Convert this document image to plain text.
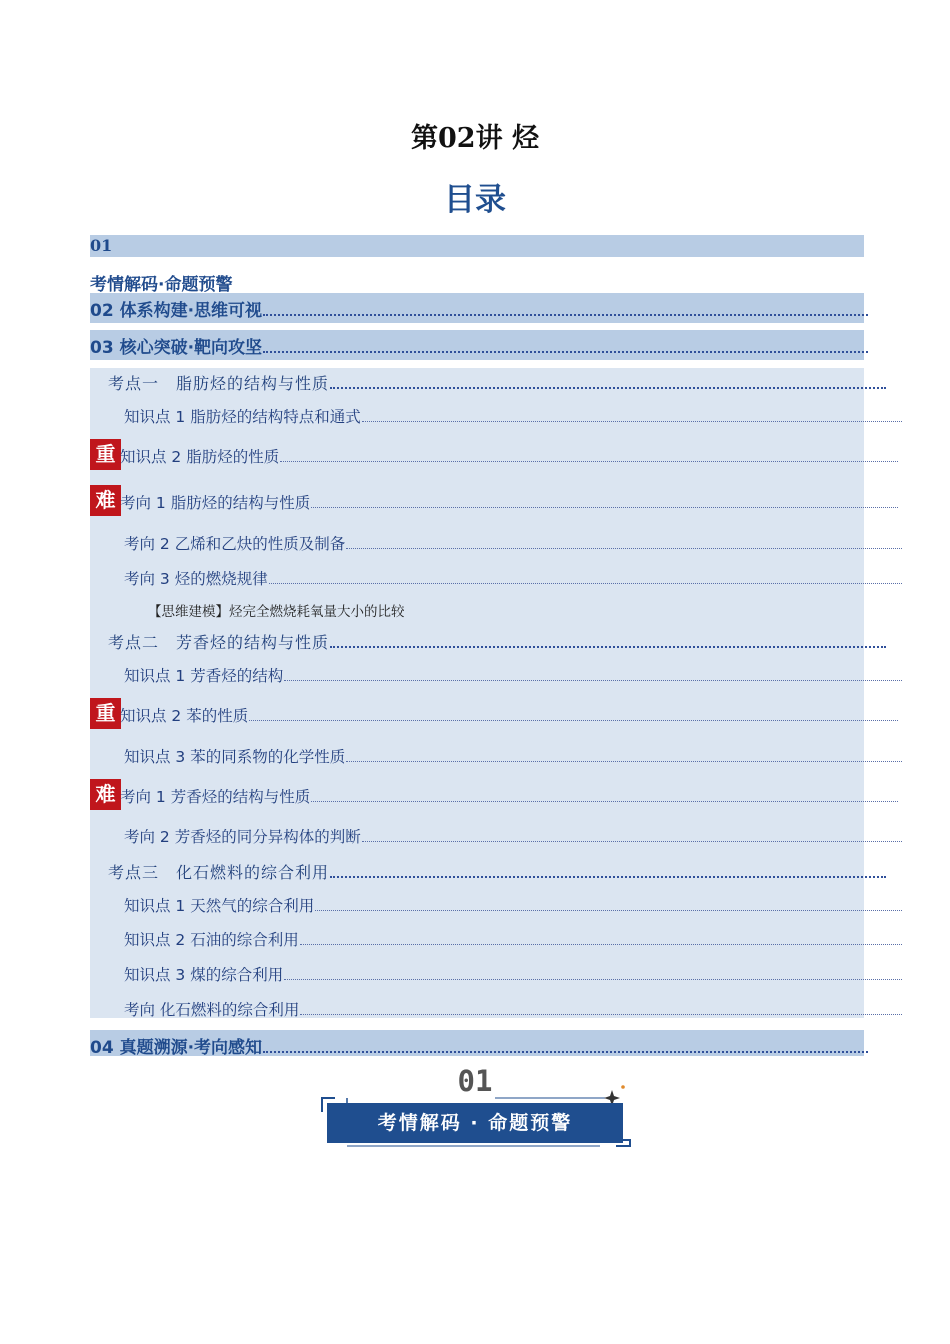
第02讲 烃
目录
01
考情解码·命题预警
02 体系构建·思维可视
03 核心突破·靶向攻坚
考点一　脂肪烃的结构与性质
知识点 1 脂肪烃的结构特点和通式
重 知识点 2 脂肪烃的性质
难 考向 1 脂肪烃的结构与性质
考向 2 乙烯和乙炔的性质及制备
考向 3 烃的燃烧规律
【思维建模】烃完全燃烧耗氧量大小的比较
考点二　芳香烃的结构与性质
知识点 1 芳香烃的结构
重 知识点 2 苯的性质
知识点 3 苯的同系物的化学性质
难 考向 1 芳香烃的结构与性质
考向 2 芳香烃的同分异构体的判断
考点三　化石燃料的综合利用
知识点 1 天然气的综合利用
知识点 2 石油的综合利用
知识点 3 煤的综合利用
考向 化石燃料的综合利用
04 真题溯源·考向感知
01
考情解码 · 命题预警
